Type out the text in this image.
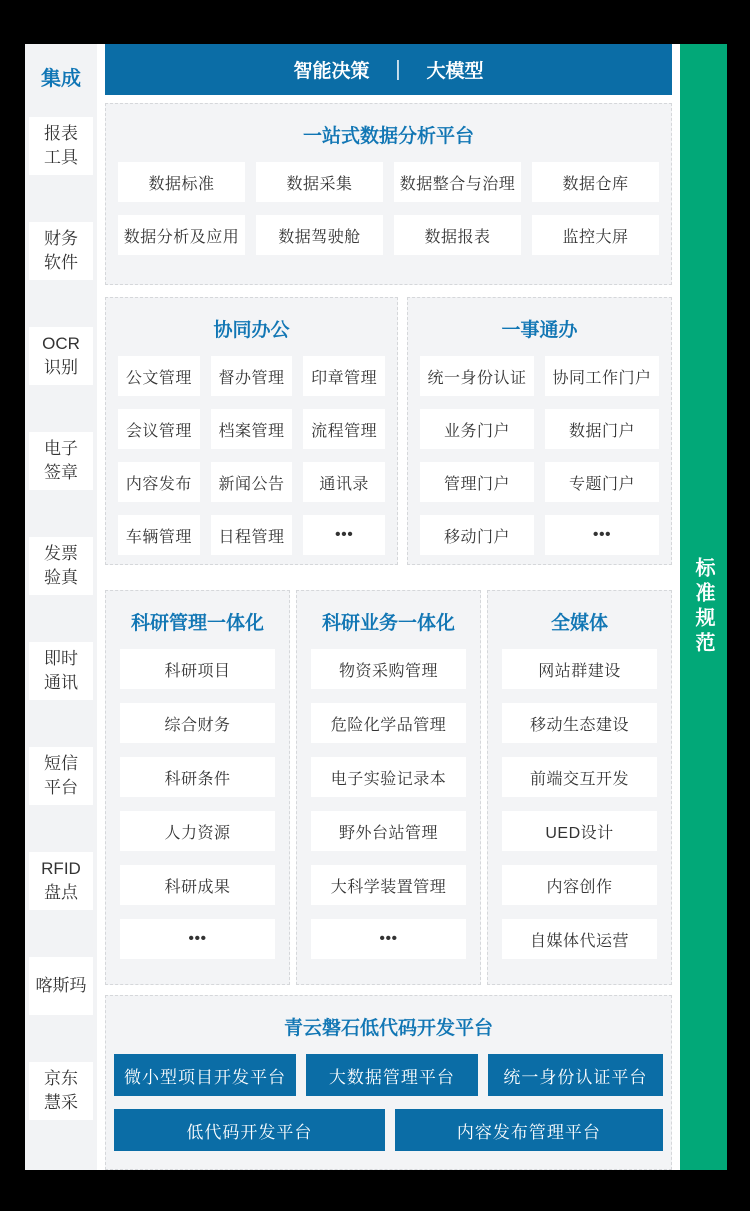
集成
报表
工具
财务
软件
OCR
识别
电子
签章
发票
验真
即时
通讯
短信
平台
RFID
盘点
喀斯玛
京东
慧采
智能决策 | 大模型
一站式数据分析平台
数据标准	数据采集	数据整合与治理	数据仓库
数据分析及应用	数据驾驶舱	数据报表	监控大屏
协同办公
公文管理	督办管理	印章管理
会议管理	档案管理	流程管理
内容发布	新闻公告	通讯录
车辆管理	日程管理	•••
一事通办
统一身份认证	协同工作门户
业务门户	数据门户
管理门户	专题门户
移动门户	•••
科研管理一体化
科研项目
综合财务
科研条件
人力资源
科研成果
•••
科研业务一体化
物资采购管理
危险化学品管理
电子实验记录本
野外台站管理
大科学装置管理
•••
全媒体
网站群建设
移动生态建设
前端交互开发
UED设计
内容创作
自媒体代运营
青云磐石低代码开发平台
微小型项目开发平台	大数据管理平台	统一身份认证平台
低代码开发平台	内容发布管理平台
标准规范
